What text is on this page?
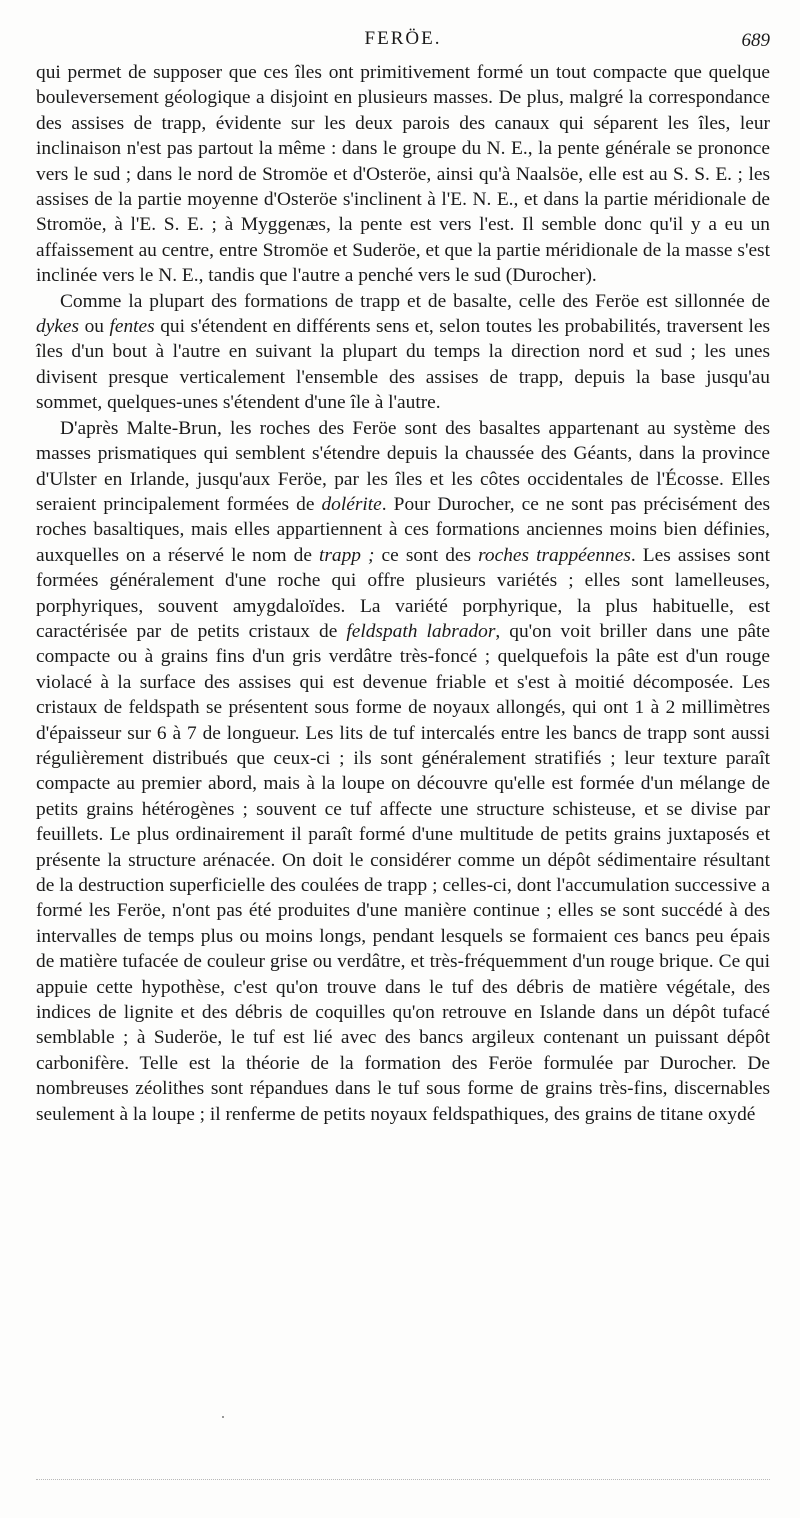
FERÖE.	689

qui permet de supposer que ces îles ont primitivement formé un tout compacte que quelque bouleversement géologique a disjoint en plusieurs masses. De plus, malgré la correspondance des assises de trapp, évidente sur les deux parois des canaux qui séparent les îles, leur inclinaison n'est pas partout la même : dans le groupe du N. E., la pente générale se prononce vers le sud ; dans le nord de Stromöe et d'Osteröe, ainsi qu'à Naalsöe, elle est au S. S. E. ; les assises de la partie moyenne d'Osteröe s'inclinent à l'E. N. E., et dans la partie méridionale de Stromöe, à l'E. S. E. ; à Myggenæs, la pente est vers l'est. Il semble donc qu'il y a eu un affaissement au centre, entre Stromöe et Suderöe, et que la partie méridionale de la masse s'est inclinée vers le N. E., tandis que l'autre a penché vers le sud (Durocher).

Comme la plupart des formations de trapp et de basalte, celle des Feröe est sillonnée de dykes ou fentes qui s'étendent en différents sens et, selon toutes les probabilités, traversent les îles d'un bout à l'autre en suivant la plupart du temps la direction nord et sud ; les unes divisent presque verticalement l'ensemble des assises de trapp, depuis la base jusqu'au sommet, quelques-unes s'étendent d'une île à l'autre.

D'après Malte-Brun, les roches des Feröe sont des basaltes appartenant au système des masses prismatiques qui semblent s'étendre depuis la chaussée des Géants, dans la province d'Ulster en Irlande, jusqu'aux Feröe, par les îles et les côtes occidentales de l'Écosse. Elles seraient principalement formées de dolérite. Pour Durocher, ce ne sont pas précisément des roches basaltiques, mais elles appartiennent à ces formations anciennes moins bien définies, auxquelles on a réservé le nom de trapp ; ce sont des roches trappéennes. Les assises sont formées généralement d'une roche qui offre plusieurs variétés ; elles sont lamelleuses, porphyriques, souvent amygdaloïdes. La variété porphyrique, la plus habituelle, est caractérisée par de petits cristaux de feldspath labrador, qu'on voit briller dans une pâte compacte ou à grains fins d'un gris verdâtre très-foncé ; quelquefois la pâte est d'un rouge violacé à la surface des assises qui est devenue friable et s'est à moitié décomposée. Les cristaux de feldspath se présentent sous forme de noyaux allongés, qui ont 1 à 2 millimètres d'épaisseur sur 6 à 7 de longueur. Les lits de tuf intercalés entre les bancs de trapp sont aussi régulièrement distribués que ceux-ci ; ils sont généralement stratifiés ; leur texture paraît compacte au premier abord, mais à la loupe on découvre qu'elle est formée d'un mélange de petits grains hétérogènes ; souvent ce tuf affecte une structure schisteuse, et se divise par feuillets. Le plus ordinairement il paraît formé d'une multitude de petits grains juxtaposés et présente la structure arénacée. On doit le considérer comme un dépôt sédimentaire résultant de la destruction superficielle des coulées de trapp ; celles-ci, dont l'accumulation successive a formé les Feröe, n'ont pas été produites d'une manière continue ; elles se sont succédé à des intervalles de temps plus ou moins longs, pendant lesquels se formaient ces bancs peu épais de matière tufacée de couleur grise ou verdâtre, et très-fréquemment d'un rouge brique. Ce qui appuie cette hypothèse, c'est qu'on trouve dans le tuf des débris de matière végétale, des indices de lignite et des débris de coquilles qu'on retrouve en Islande dans un dépôt tufacé semblable ; à Suderöe, le tuf est lié avec des bancs argileux contenant un puissant dépôt carbonifère. Telle est la théorie de la formation des Feröe formulée par Durocher. De nombreuses zéolithes sont répandues dans le tuf sous forme de grains très-fins, discernables seulement à la loupe ; il renferme de petits noyaux feldspathiques, des grains de titane oxydé
